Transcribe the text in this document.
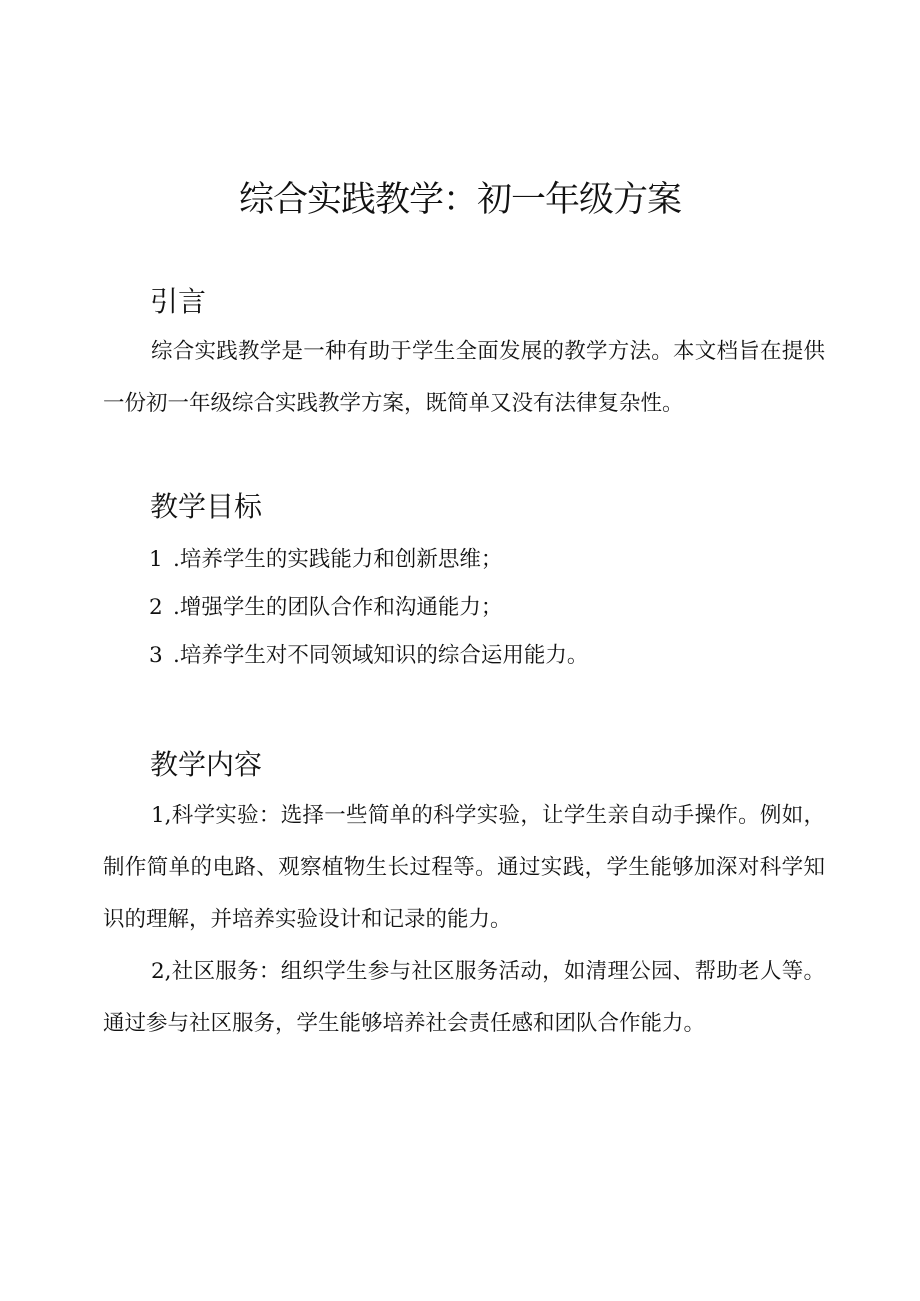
综合实践教学：初一年级方案
引言

综合实践教学是一种有助于学生全面发展的教学方法。本文档旨在提供一份初一年级综合实践教学方案，既简单又没有法律复杂性。

教学目标

1 .培养学生的实践能力和创新思维；

2 .增强学生的团队合作和沟通能力；

3 .培养学生对不同领域知识的综合运用能力。

教学内容

1,科学实验：选择一些简单的科学实验，让学生亲自动手操作。例如，制作简单的电路、观察植物生长过程等。通过实践，学生能够加深对科学知识的理解，并培养实验设计和记录的能力。

2,社区服务：组织学生参与社区服务活动，如清理公园、帮助老人等。通过参与社区服务，学生能够培养社会责任感和团队合作能力。
